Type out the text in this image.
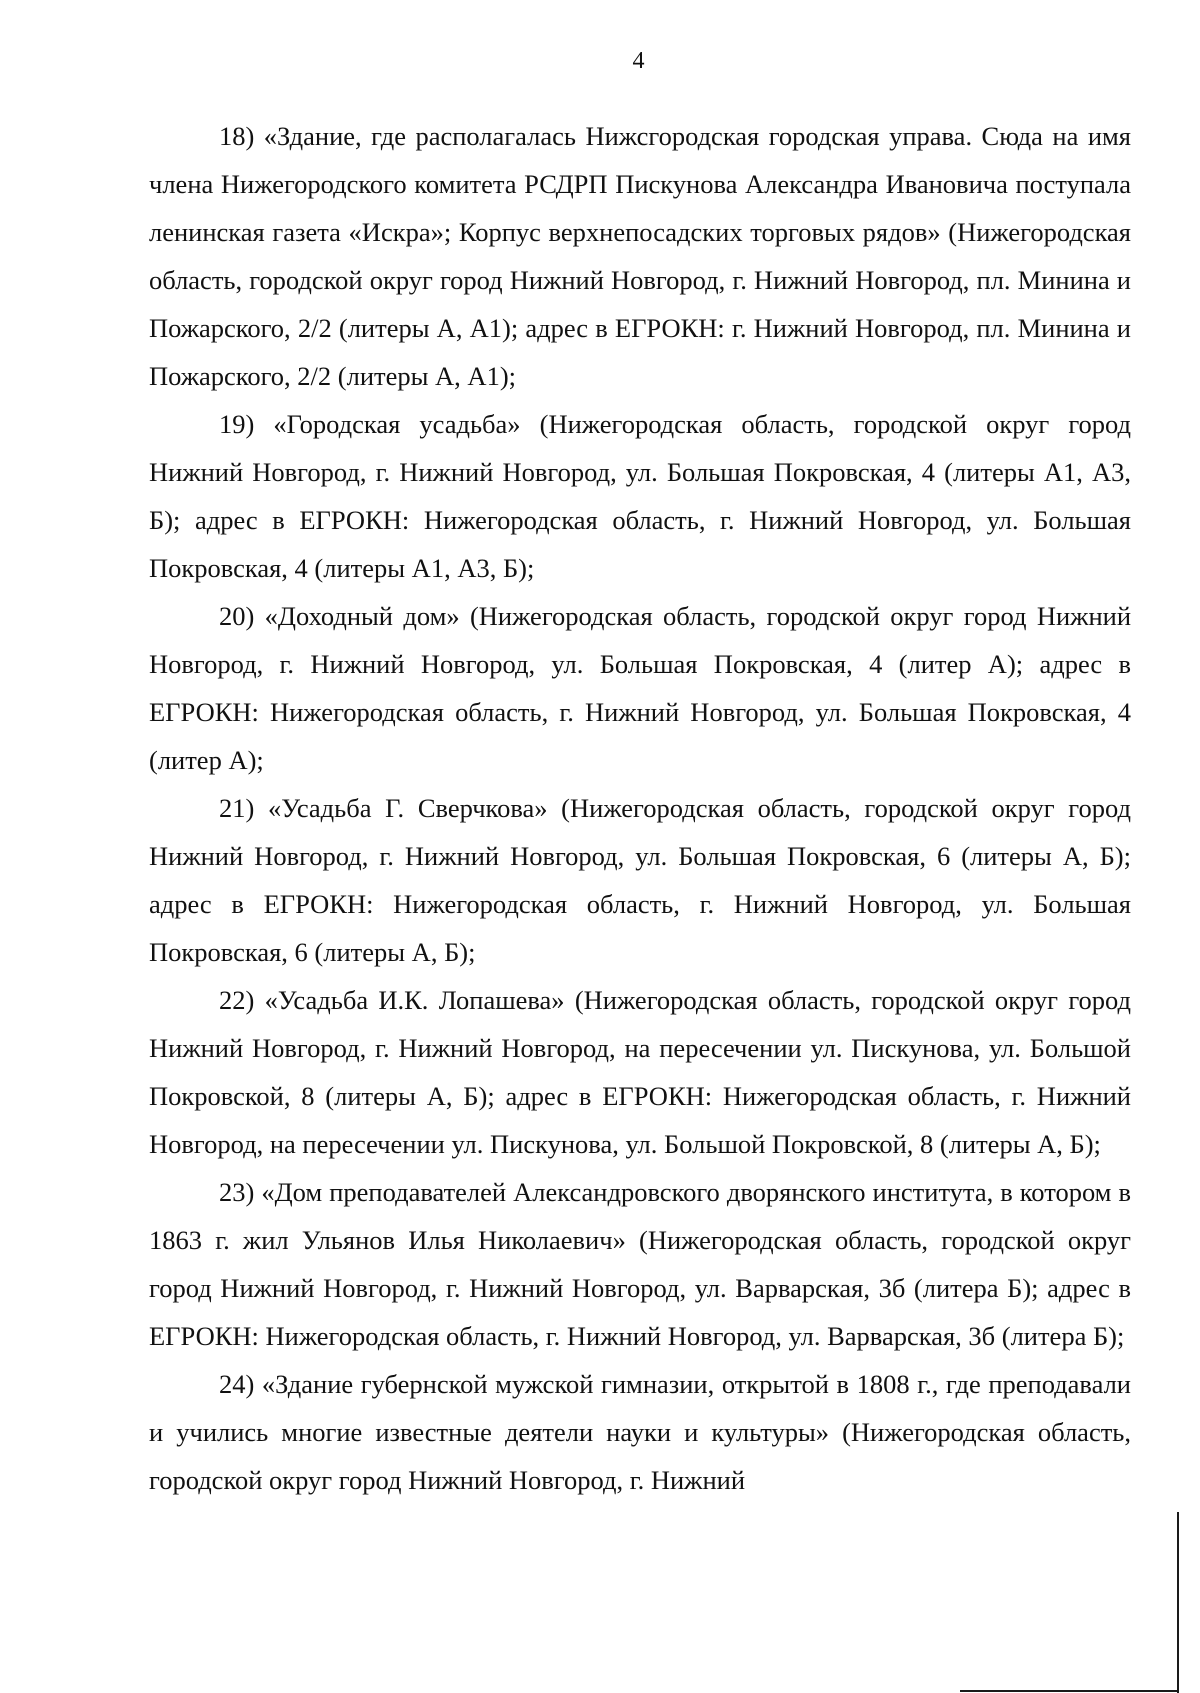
4

18) «Здание, где располагалась Нижсгородская городская управа. Сюда на имя члена Нижегородского комитета РСДРП Пискунова Александра Ивановича поступала ленинская газета «Искра»; Корпус верхнепосадских торговых рядов» (Нижегородская область, городской округ город Нижний Новгород, г. Нижний Новгород, пл. Минина и Пожарского, 2/2 (литеры А, А1); адрес в ЕГРОКН: г. Нижний Новгород, пл. Минина и Пожарского, 2/2 (литеры А, А1);

19) «Городская усадьба» (Нижегородская область, городской округ город Нижний Новгород, г. Нижний Новгород, ул. Большая Покровская, 4 (литеры А1, А3, Б); адрес в ЕГРОКН: Нижегородская область, г. Нижний Новгород, ул. Большая Покровская, 4 (литеры А1, А3, Б);

20) «Доходный дом» (Нижегородская область, городской округ город Нижний Новгород, г. Нижний Новгород, ул. Большая Покровская, 4 (литер А); адрес в ЕГРОКН: Нижегородская область, г. Нижний Новгород, ул. Большая Покровская, 4 (литер А);

21) «Усадьба Г. Сверчкова» (Нижегородская область, городской округ город Нижний Новгород, г. Нижний Новгород, ул. Большая Покровская, 6 (литеры А, Б); адрес в ЕГРОКН: Нижегородская область, г. Нижний Новгород, ул. Большая Покровская, 6 (литеры А, Б);

22) «Усадьба И.К. Лопашева» (Нижегородская область, городской округ город Нижний Новгород, г. Нижний Новгород, на пересечении ул. Пискунова, ул. Большой Покровской, 8 (литеры А, Б); адрес в ЕГРОКН: Нижегородская область, г. Нижний Новгород, на пересечении ул. Пискунова, ул. Большой Покровской, 8 (литеры А, Б);

23) «Дом преподавателей Александровского дворянского института, в котором в 1863 г. жил Ульянов Илья Николаевич» (Нижегородская область, городской округ город Нижний Новгород, г. Нижний Новгород, ул. Варварская, 3б (литера Б); адрес в ЕГРОКН: Нижегородская область, г. Нижний Новгород, ул. Варварская, 3б (литера Б);

24) «Здание губернской мужской гимназии, открытой в 1808 г., где преподавали и учились многие известные деятели науки и культуры» (Нижегородская область, городской округ город Нижний Новгород, г. Нижний
